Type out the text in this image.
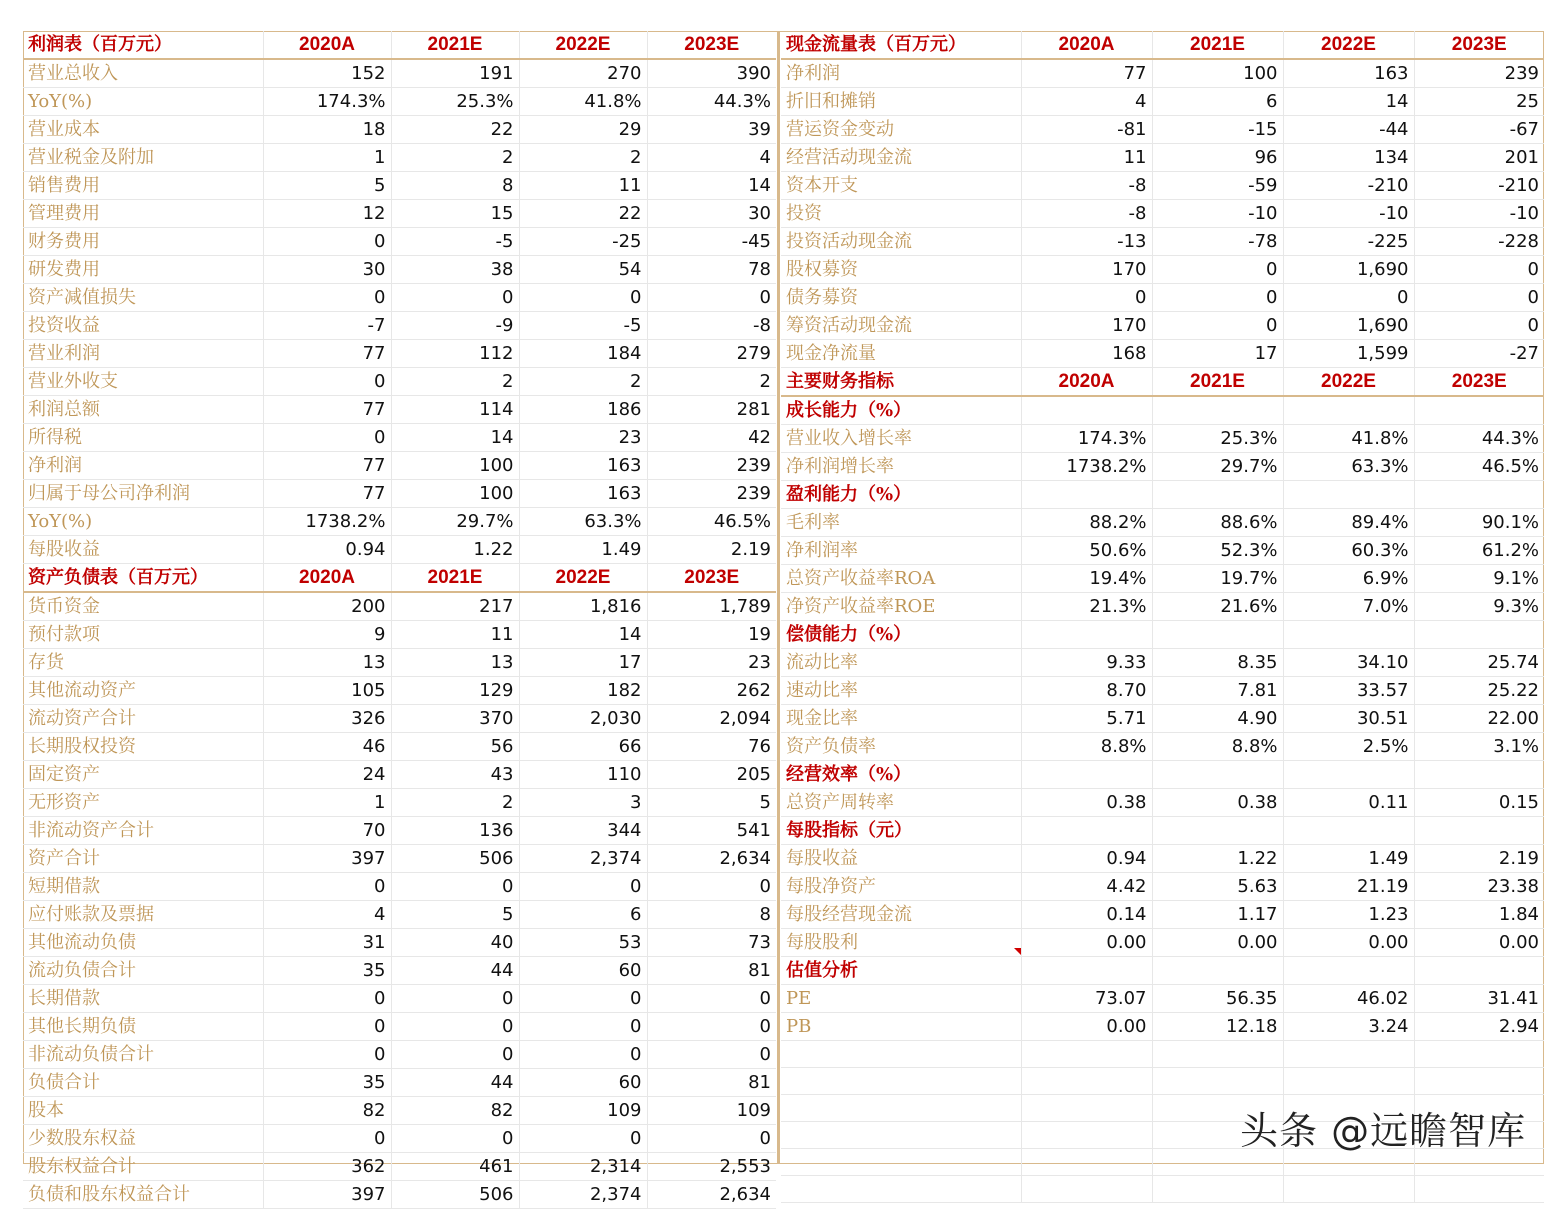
利润表（百万元）	2020A	2021E	2022E	2023E
营业总收入	152	191	270	390
YoY(%)	174.3%	25.3%	41.8%	44.3%
营业成本	18	22	29	39
营业税金及附加	1	2	2	4
销售费用	5	8	11	14
管理费用	12	15	22	30
财务费用	0	-5	-25	-45
研发费用	30	38	54	78
资产减值损失	0	0	0	0
投资收益	-7	-9	-5	-8
营业利润	77	112	184	279
营业外收支	0	2	2	2
利润总额	77	114	186	281
所得税	0	14	23	42
净利润	77	100	163	239
归属于母公司净利润	77	100	163	239
YoY(%)	1738.2%	29.7%	63.3%	46.5%
每股收益	0.94	1.22	1.49	2.19
资产负债表（百万元）	2020A	2021E	2022E	2023E
货币资金	200	217	1,816	1,789
预付款项	9	11	14	19
存货	13	13	17	23
其他流动资产	105	129	182	262
流动资产合计	326	370	2,030	2,094
长期股权投资	46	56	66	76
固定资产	24	43	110	205
无形资产	1	2	3	5
非流动资产合计	70	136	344	541
资产合计	397	506	2,374	2,634
短期借款	0	0	0	0
应付账款及票据	4	5	6	8
其他流动负债	31	40	53	73
流动负债合计	35	44	60	81
长期借款	0	0	0	0
其他长期负债	0	0	0	0
非流动负债合计	0	0	0	0
负债合计	35	44	60	81
股本	82	82	109	109
少数股东权益	0	0	0	0
股东权益合计	362	461	2,314	2,553
负债和股东权益合计	397	506	2,374	2,634
现金流量表（百万元）	2020A	2021E	2022E	2023E
净利润	77	100	163	239
折旧和摊销	4	6	14	25
营运资金变动	-81	-15	-44	-67
经营活动现金流	11	96	134	201
资本开支	-8	-59	-210	-210
投资	-8	-10	-10	-10
投资活动现金流	-13	-78	-225	-228
股权募资	170	0	1,690	0
债务募资	0	0	0	0
筹资活动现金流	170	0	1,690	0
现金净流量	168	17	1,599	-27
主要财务指标	2020A	2021E	2022E	2023E
成长能力（%）				
营业收入增长率	174.3%	25.3%	41.8%	44.3%
净利润增长率	1738.2%	29.7%	63.3%	46.5%
盈利能力（%）				
毛利率	88.2%	88.6%	89.4%	90.1%
净利润率	50.6%	52.3%	60.3%	61.2%
总资产收益率ROA	19.4%	19.7%	6.9%	9.1%
净资产收益率ROE	21.3%	21.6%	7.0%	9.3%
偿债能力（%）				
流动比率	9.33	8.35	34.10	25.74
速动比率	8.70	7.81	33.57	25.22
现金比率	5.71	4.90	30.51	22.00
资产负债率	8.8%	8.8%	2.5%	3.1%
经营效率（%）				
总资产周转率	0.38	0.38	0.11	0.15
每股指标（元）				
每股收益	0.94	1.22	1.49	2.19
每股净资产	4.42	5.63	21.19	23.38
每股经营现金流	0.14	1.17	1.23	1.84
每股股利	0.00	0.00	0.00	0.00
估值分析				
PE	73.07	56.35	46.02	31.41
PB	0.00	12.18	3.24	2.94

头条 @远瞻智库
